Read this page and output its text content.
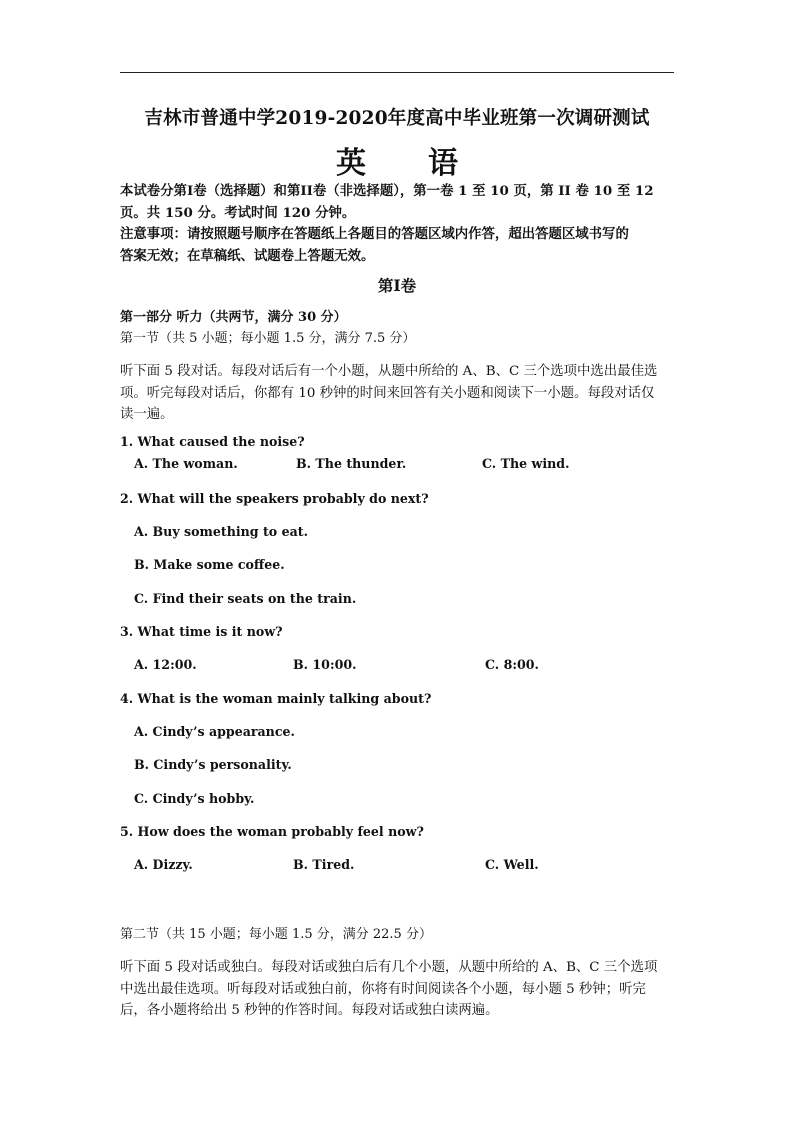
吉林市普通中学2019-2020年度高中毕业班第一次调研测试
英 语
本试卷分第I卷（选择题）和第II卷（非选择题），第一卷 1 至 10 页，第 II 卷 10 至 12
页。共 150 分。考试时间 120 分钟。
注意事项：请按照题号顺序在答题纸上各题目的答题区域内作答，超出答题区域书写的
答案无效；在草稿纸、试题卷上答题无效。
第I卷
第一部分 听力（共两节，满分 30 分）
第一节（共 5 小题；每小题 1.5 分，满分 7.5 分）
听下面 5 段对话。每段对话后有一个小题，从题中所给的 A、B、C 三个选项中选出最佳选
项。听完每段对话后，你都有 10 秒钟的时间来回答有关小题和阅读下一小题。每段对话仅
读一遍。
1. What caused the noise?
A. The woman.	B. The thunder.	C. The wind.
2. What will the speakers probably do next?
A. Buy something to eat.
B. Make some coffee.
C. Find their seats on the train.
3. What time is it now?
A. 12:00.	B. 10:00.	C. 8:00.
4. What is the woman mainly talking about?
A. Cindy’s appearance.
B. Cindy’s personality.
C. Cindy’s hobby.
5. How does the woman probably feel now?
A. Dizzy.	B. Tired.	C. Well.
第二节（共 15 小题；每小题 1.5 分，满分 22.5 分）
听下面 5 段对话或独白。每段对话或独白后有几个小题，从题中所给的 A、B、C 三个选项
中选出最佳选项。听每段对话或独白前，你将有时间阅读各个小题，每小题 5 秒钟；听完
后，各小题将给出 5 秒钟的作答时间。每段对话或独白读两遍。
